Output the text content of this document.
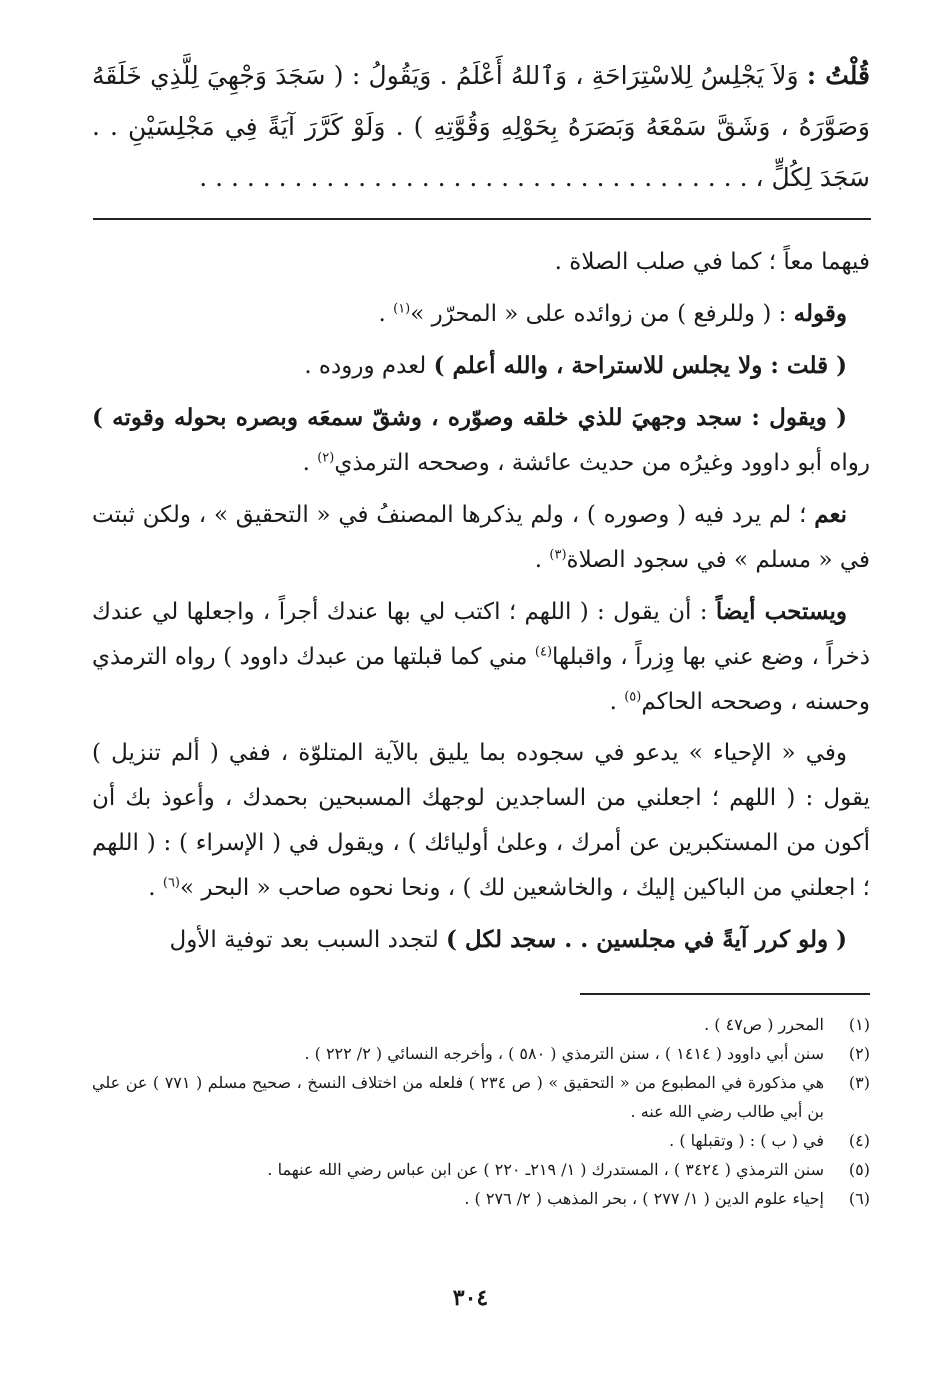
قُلْتُ : وَلاَ يَجْلِسُ لِلاسْتِرَاحَةِ ، وَٱللهُ أَعْلَمُ . وَيَقُولُ : ( سَجَدَ وَجْهِيَ لِلَّذِي خَلَقَهُ وَصَوَّرَهُ ، وَشَقَّ سَمْعَهُ وَبَصَرَهُ بِحَوْلِهِ وَقُوَّتِهِ ) . وَلَوْ كَرَّرَ آيَةً فِي مَجْلِسَيْنِ . . سَجَدَ لِكُلٍّ ، . . . . . . . . . . . . . . . . . . . . . . . . . . . . . . . . . . .

فيهما معاً ؛ كما في صلب الصلاة .

 وقوله : ( وللرفع ) من زوائده على « المحرّر »$^{(١)}$ .

 ( قلت : ولا يجلس للاستراحة ، والله أعلم ) لعدم وروده .

 ( ويقول : سجد وجهيَ للذي خلقه وصوّره ، وشقّ سمعَه وبصره بحوله وقوته ) رواه أبو داوود وغيرُه من حديث عائشة ، وصححه الترمذي$^{(٢)}$ .

 نعم ؛ لم يرد فيه ( وصوره ) ، ولم يذكرها المصنفُ في « التحقيق » ، ولكن ثبتت في « مسلم » في سجود الصلاة$^{(٣)}$ .

 ويستحب أيضاً : أن يقول : ( اللهم ؛ اكتب لي بها عندك أجراً ، واجعلها لي عندك ذخراً ، وضع عني بها وِزراً ، واقبلها$^{(٤)}$ مني كما قبلتها من عبدك داوود ) رواه الترمذي وحسنه ، وصححه الحاكم$^{(٥)}$ .

 وفي « الإحياء » يدعو في سجوده بما يليق بالآية المتلوّة ، ففي ( ألم تنزيل ) يقول : ( اللهم ؛ اجعلني من الساجدين لوجهك المسبحين بحمدك ، وأعوذ بك أن أكون من المستكبرين عن أمرك ، وعلىٰ أوليائك ) ، ويقول في ( الإسراء ) : ( اللهم ؛ اجعلني من الباكين إليك ، والخاشعين لك ) ، ونحا نحوه صاحب « البحر »$^{(٦)}$ .

 ( ولو كرر آيةً في مجلسين . . سجد لكل ) لتجدد السبب بعد توفية الأول

(١)
المحرر ( ص٤٧ ) .
(٢)
سنن أبي داوود ( ١٤١٤ ) ، سنن الترمذي ( ٥٨٠ ) ، وأخرجه النسائي ( ٢/ ٢٢٢ ) .
(٣)
هي مذكورة في المطبوع من « التحقيق » ( ص ٢٣٤ ) فلعله من اختلاف النسخ ، صحيح مسلم ( ٧٧١ ) عن علي بن أبي طالب رضي الله عنه .
(٤)
في ( ب ) : ( وتقبلها ) .
(٥)
سنن الترمذي ( ٣٤٢٤ ) ، المستدرك ( ١/ ٢١٩ـ ٢٢٠ ) عن ابن عباس رضي الله عنهما .
(٦)
إحياء علوم الدين ( ١/ ٢٧٧ ) ، بحر المذهب ( ٢/ ٢٧٦ ) .
٣٠٤
